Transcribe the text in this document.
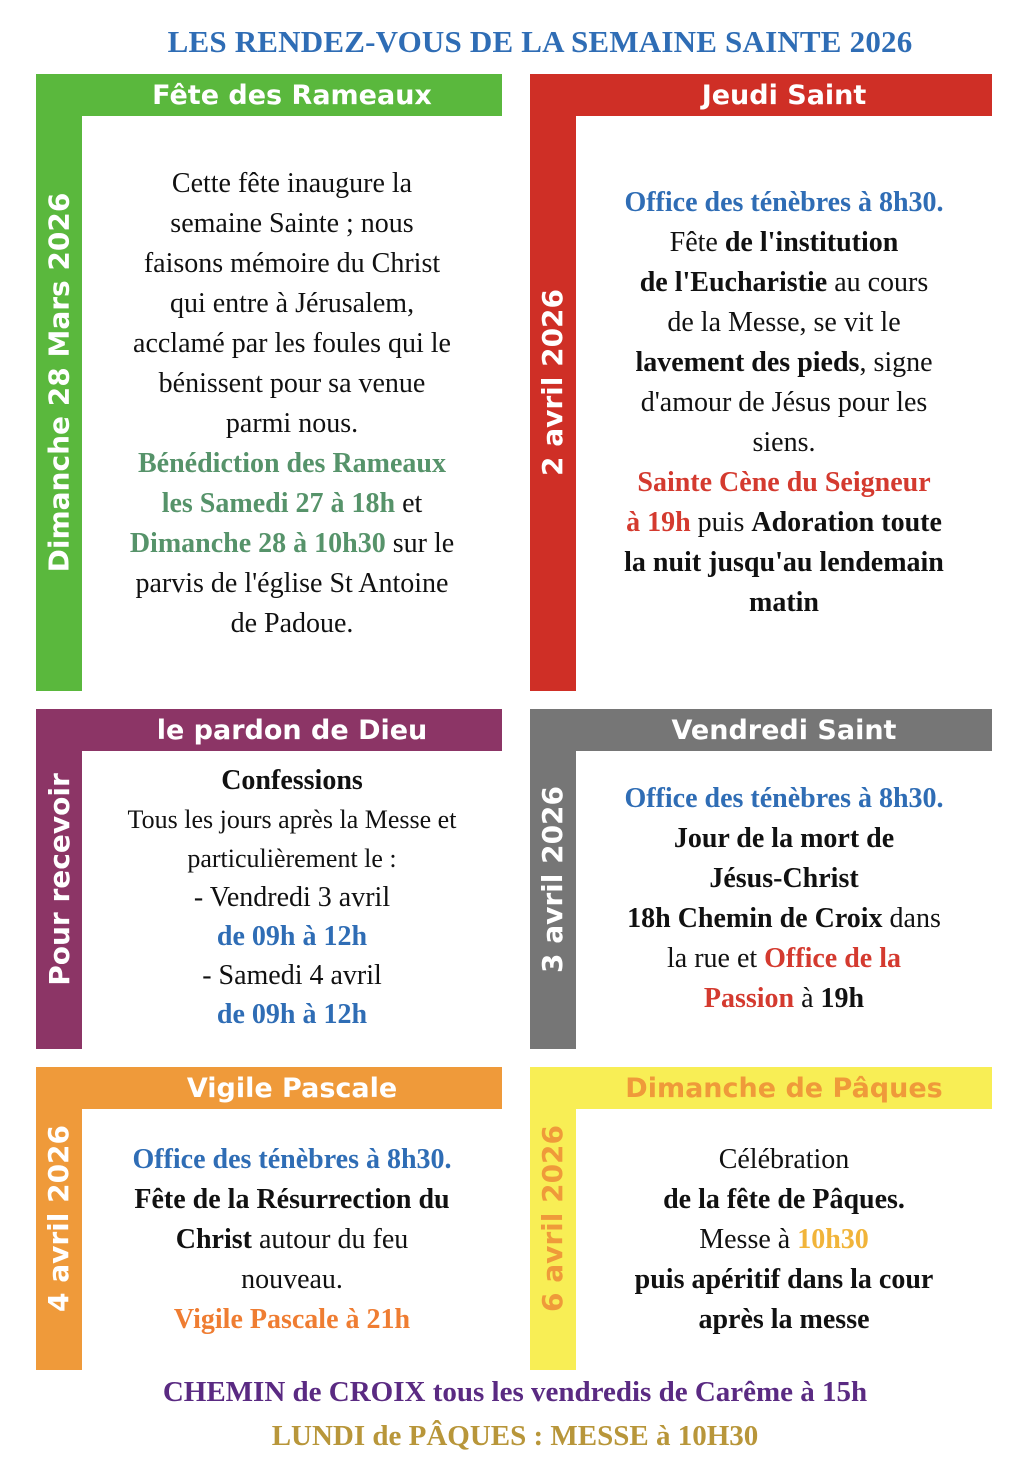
LES RENDEZ-VOUS DE LA SEMAINE SAINTE 2026
Fête des Rameaux
Dimanche 28 Mars 2026
Cette fête inaugure la
semaine Sainte ; nous
faisons mémoire du Christ
qui entre à Jérusalem,
acclamé par les foules qui le
bénissent pour sa venue
parmi nous.
Bénédiction des Rameaux
les Samedi 27 à 18h et
Dimanche 28 à 10h30 sur le
parvis de l'église St Antoine
de Padoue.
Jeudi Saint
2 avril 2026
Office des ténèbres à 8h30.
Fête de l'institution
de l'Eucharistie au cours
de la Messe, se vit le
lavement des pieds, signe
d'amour de Jésus pour les
siens.
Sainte Cène du Seigneur
à 19h puis Adoration toute
la nuit jusqu'au lendemain
matin
le pardon de Dieu
Pour recevoir	Confessions
Tous les jours après la Messe et
particulièrement le :
- Vendredi 3 avril
de 09h à 12h
- Samedi 4 avril
de 09h à 12h
Vendredi Saint
3 avril 2026	Office des ténèbres à 8h30.
Jour de la mort de
Jésus-Christ
18h Chemin de Croix dans
la rue et Office de la
Passion à 19h
Vigile Pascale
4 avril 2026	Office des ténèbres à 8h30.
Fête de la Résurrection du
Christ autour du feu
nouveau.
Vigile Pascale à 21h
Dimanche de Pâques
6 avril 2026	Célébration
de la fête de Pâques.
Messe à 10h30
puis apéritif dans la cour
après la messe
CHEMIN de CROIX tous les vendredis de Carême à 15h
LUNDI de PÂQUES : MESSE à 10H30
